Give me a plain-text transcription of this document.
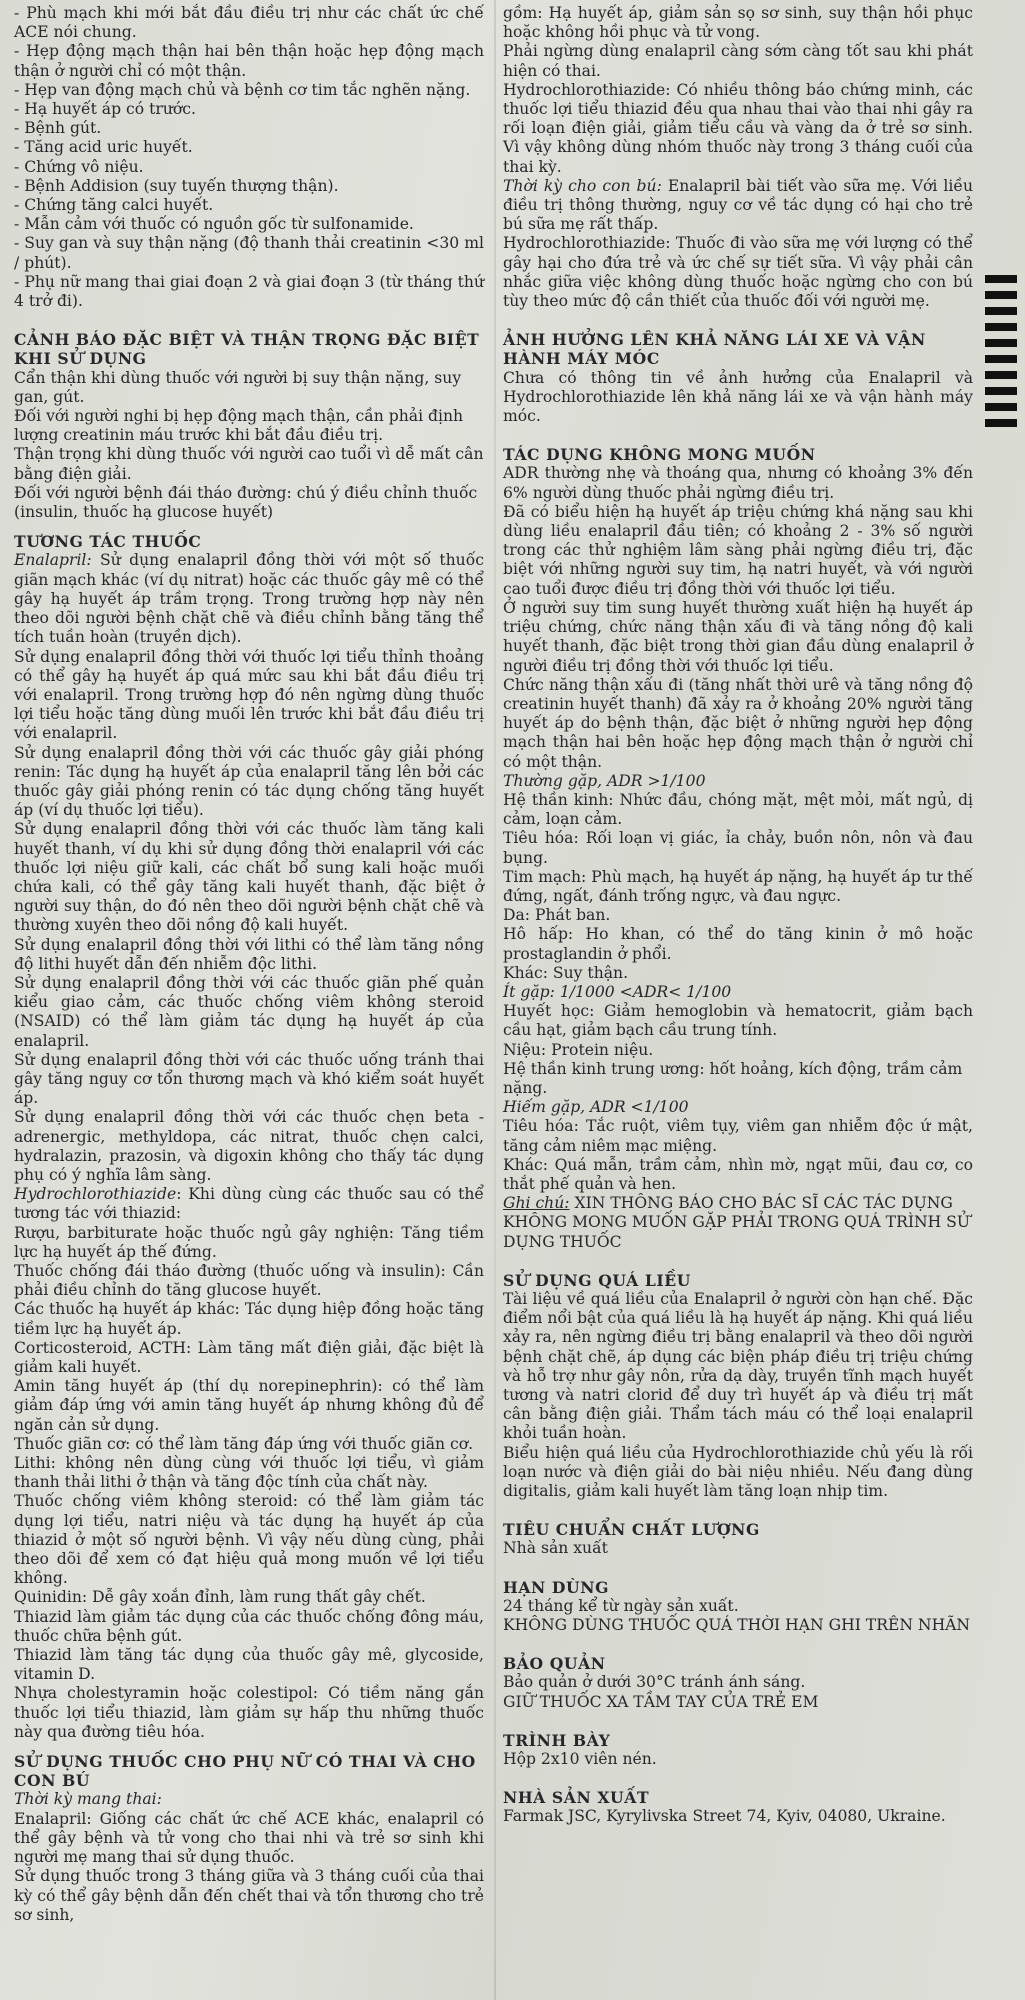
- Phù mạch khi mới bắt đầu điều trị như các chất ức chế ACE nói chung.

- Hẹp động mạch thận hai bên thận hoặc hẹp động mạch thận ở người chỉ có một thận.

- Hẹp van động mạch chủ và bệnh cơ tim tắc nghẽn nặng.

- Hạ huyết áp có trước.

- Bệnh gút.

- Tăng acid uric huyết.

- Chứng vô niệu.

- Bệnh Addision (suy tuyến thượng thận).

- Chứng tăng calci huyết.

- Mẫn cảm với thuốc có nguồn gốc từ sulfonamide.

- Suy gan và suy thận nặng (độ thanh thải creatinin <30 ml / phút).

- Phụ nữ mang thai giai đoạn 2 và giai đoạn 3 (từ tháng thứ 4 trở đi).

CẢNH BÁO ĐẶC BIỆT VÀ THẬN TRỌNG ĐẶC BIỆT KHI SỬ DỤNG

Cẩn thận khi dùng thuốc với người bị suy thận nặng, suy gan, gút.

Đối với người nghi bị hẹp động mạch thận, cần phải định lượng creatinin máu trước khi bắt đầu điều trị.

Thận trọng khi dùng thuốc với người cao tuổi vì dễ mất cân bằng điện giải.

Đối với người bệnh đái tháo đường: chú ý điều chỉnh thuốc (insulin, thuốc hạ glucose huyết)

TƯƠNG TÁC THUỐC

Enalapril: Sử dụng enalapril đồng thời với một số thuốc giãn mạch khác (ví dụ nitrat) hoặc các thuốc gây mê có thể gây hạ huyết áp trầm trọng. Trong trường hợp này nên theo dõi người bệnh chặt chẽ và điều chỉnh bằng tăng thể tích tuần hoàn (truyền dịch).

Sử dụng enalapril đồng thời với thuốc lợi tiểu thỉnh thoảng có thể gây hạ huyết áp quá mức sau khi bắt đầu điều trị với enalapril. Trong trường hợp đó nên ngừng dùng thuốc lợi tiểu hoặc tăng dùng muối lên trước khi bắt đầu điều trị với enalapril.

Sử dụng enalapril đồng thời với các thuốc gây giải phóng renin: Tác dụng hạ huyết áp của enalapril tăng lên bởi các thuốc gây giải phóng renin có tác dụng chống tăng huyết áp (ví dụ thuốc lợi tiểu).

Sử dụng enalapril đồng thời với các thuốc làm tăng kali huyết thanh, ví dụ khi sử dụng đồng thời enalapril với các thuốc lợi niệu giữ kali, các chất bổ sung kali hoặc muối chứa kali, có thể gây tăng kali huyết thanh, đặc biệt ở người suy thận, do đó nên theo dõi người bệnh chặt chẽ và thường xuyên theo dõi nồng độ kali huyết.

Sử dụng enalapril đồng thời với lithi có thể làm tăng nồng độ lithi huyết dẫn đến nhiễm độc lithi.

Sử dụng enalapril đồng thời với các thuốc giãn phế quản kiểu giao cảm, các thuốc chống viêm không steroid (NSAID) có thể làm giảm tác dụng hạ huyết áp của enalapril.

Sử dụng enalapril đồng thời với các thuốc uống tránh thai gây tăng nguy cơ tổn thương mạch và khó kiểm soát huyết áp.

Sử dụng enalapril đồng thời với các thuốc chẹn beta - adrenergic, methyldopa, các nitrat, thuốc chẹn calci, hydralazin, prazosin, và digoxin không cho thấy tác dụng phụ có ý nghĩa lâm sàng.

Hydrochlorothiazide: Khi dùng cùng các thuốc sau có thể tương tác với thiazid:

Rượu, barbiturate hoặc thuốc ngủ gây nghiện: Tăng tiềm lực hạ huyết áp thế đứng.

Thuốc chống đái tháo đường (thuốc uống và insulin): Cần phải điều chỉnh do tăng glucose huyết.

Các thuốc hạ huyết áp khác: Tác dụng hiệp đồng hoặc tăng tiềm lực hạ huyết áp.

Corticosteroid, ACTH: Làm tăng mất điện giải, đặc biệt là giảm kali huyết.

Amin tăng huyết áp (thí dụ norepinephrin): có thể làm giảm đáp ứng với amin tăng huyết áp nhưng không đủ để ngăn cản sử dụng.

Thuốc giãn cơ: có thể làm tăng đáp ứng với thuốc giãn cơ.

Lithi: không nên dùng cùng với thuốc lợi tiểu, vì giảm thanh thải lithi ở thận và tăng độc tính của chất này.

Thuốc chống viêm không steroid: có thể làm giảm tác dụng lợi tiểu, natri niệu và tác dụng hạ huyết áp của thiazid ở một số người bệnh. Vì vậy nếu dùng cùng, phải theo dõi để xem có đạt hiệu quả mong muốn về lợi tiểu không.

Quinidin: Dễ gây xoắn đỉnh, làm rung thất gây chết.

Thiazid làm giảm tác dụng của các thuốc chống đông máu, thuốc chữa bệnh gút.

Thiazid làm tăng tác dụng của thuốc gây mê, glycoside, vitamin D.

Nhựa cholestyramin hoặc colestipol: Có tiềm năng gắn thuốc lợi tiểu thiazid, làm giảm sự hấp thu những thuốc này qua đường tiêu hóa.

SỬ DỤNG THUỐC CHO PHỤ NỮ CÓ THAI VÀ CHO CON BÚ

Thời kỳ mang thai:

Enalapril: Giống các chất ức chế ACE khác, enalapril có thể gây bệnh và tử vong cho thai nhi và trẻ sơ sinh khi người mẹ mang thai sử dụng thuốc.

Sử dụng thuốc trong 3 tháng giữa và 3 tháng cuối của thai kỳ có thể gây bệnh dẫn đến chết thai và tổn thương cho trẻ sơ sinh,

gồm: Hạ huyết áp, giảm sản sọ sơ sinh, suy thận hồi phục hoặc không hồi phục và tử vong.

Phải ngừng dùng enalapril càng sớm càng tốt sau khi phát hiện có thai.

Hydrochlorothiazide: Có nhiều thông báo chứng minh, các thuốc lợi tiểu thiazid đều qua nhau thai vào thai nhi gây ra rối loạn điện giải, giảm tiểu cầu và vàng da ở trẻ sơ sinh. Vì vậy không dùng nhóm thuốc này trong 3 tháng cuối của thai kỳ.

Thời kỳ cho con bú: Enalapril bài tiết vào sữa mẹ. Với liều điều trị thông thường, nguy cơ về tác dụng có hại cho trẻ bú sữa mẹ rất thấp.

Hydrochlorothiazide: Thuốc đi vào sữa mẹ với lượng có thể gây hại cho đứa trẻ và ức chế sự tiết sữa. Vì vậy phải cân nhắc giữa việc không dùng thuốc hoặc ngừng cho con bú tùy theo mức độ cần thiết của thuốc đối với người mẹ.

ẢNH HƯỞNG LÊN KHẢ NĂNG LÁI XE VÀ VẬN HÀNH MÁY MÓC

Chưa có thông tin về ảnh hưởng của Enalapril và Hydrochlorothiazide lên khả năng lái xe và vận hành máy móc.

TÁC DỤNG KHÔNG MONG MUỐN

ADR thường nhẹ và thoáng qua, nhưng có khoảng 3% đến 6% người dùng thuốc phải ngừng điều trị.

Đã có biểu hiện hạ huyết áp triệu chứng khá nặng sau khi dùng liều enalapril đầu tiên; có khoảng 2 - 3% số người trong các thử nghiệm lâm sàng phải ngừng điều trị, đặc biệt với những người suy tim, hạ natri huyết, và với người cao tuổi được điều trị đồng thời với thuốc lợi tiểu.

Ở người suy tim sung huyết thường xuất hiện hạ huyết áp triệu chứng, chức năng thận xấu đi và tăng nồng độ kali huyết thanh, đặc biệt trong thời gian đầu dùng enalapril ở người điều trị đồng thời với thuốc lợi tiểu.

Chức năng thận xấu đi (tăng nhất thời urê và tăng nồng độ creatinin huyết thanh) đã xảy ra ở khoảng 20% người tăng huyết áp do bệnh thận, đặc biệt ở những người hẹp động mạch thận hai bên hoặc hẹp động mạch thận ở người chỉ có một thận.

Thường gặp, ADR >1/100

Hệ thần kinh: Nhức đầu, chóng mặt, mệt mỏi, mất ngủ, dị cảm, loạn cảm.

Tiêu hóa: Rối loạn vị giác, ỉa chảy, buồn nôn, nôn và đau bụng.

Tim mạch: Phù mạch, hạ huyết áp nặng, hạ huyết áp tư thế đứng, ngất, đánh trống ngực, và đau ngực.

Da: Phát ban.

Hô hấp: Ho khan, có thể do tăng kinin ở mô hoặc prostaglandin ở phổi.

Khác: Suy thận.

Ít gặp: 1/1000 <ADR< 1/100

Huyết học: Giảm hemoglobin và hematocrit, giảm bạch cầu hạt, giảm bạch cầu trung tính.

Niệu: Protein niệu.

Hệ thần kinh trung ương: hốt hoảng, kích động, trầm cảm nặng.

Hiếm gặp, ADR <1/100

Tiêu hóa: Tắc ruột, viêm tụy, viêm gan nhiễm độc ứ mật, tăng cảm niêm mạc miệng.

Khác: Quá mẫn, trầm cảm, nhìn mờ, ngạt mũi, đau cơ, co thắt phế quản và hen.

Ghi chú: XIN THÔNG BÁO CHO BÁC SĨ CÁC TÁC DỤNG KHÔNG MONG MUỐN GẶP PHẢI TRONG QUÁ TRÌNH SỬ DỤNG THUỐC

SỬ DỤNG QUÁ LIỀU

Tài liệu về quá liều của Enalapril ở người còn hạn chế. Đặc điểm nổi bật của quá liều là hạ huyết áp nặng. Khi quá liều xảy ra, nên ngừng điều trị bằng enalapril và theo dõi người bệnh chặt chẽ, áp dụng các biện pháp điều trị triệu chứng và hỗ trợ như gây nôn, rửa dạ dày, truyền tĩnh mạch huyết tương và natri clorid để duy trì huyết áp và điều trị mất cân bằng điện giải. Thẩm tách máu có thể loại enalapril khỏi tuần hoàn.

Biểu hiện quá liều của Hydrochlorothiazide chủ yếu là rối loạn nước và điện giải do bài niệu nhiều. Nếu đang dùng digitalis, giảm kali huyết làm tăng loạn nhịp tim.

TIÊU CHUẨN CHẤT LƯỢNG

Nhà sản xuất

HẠN DÙNG

24 tháng kể từ ngày sản xuất.

KHÔNG DÙNG THUỐC QUÁ THỜI HẠN GHI TRÊN NHÃN

BẢO QUẢN

Bảo quản ở dưới 30°C tránh ánh sáng.

GIỮ THUỐC XA TẦM TAY CỦA TRẺ EM

TRÌNH BÀY

Hộp 2x10 viên nén.

NHÀ SẢN XUẤT

Farmak JSC, Kyrylivska Street 74, Kyiv, 04080, Ukraine.
